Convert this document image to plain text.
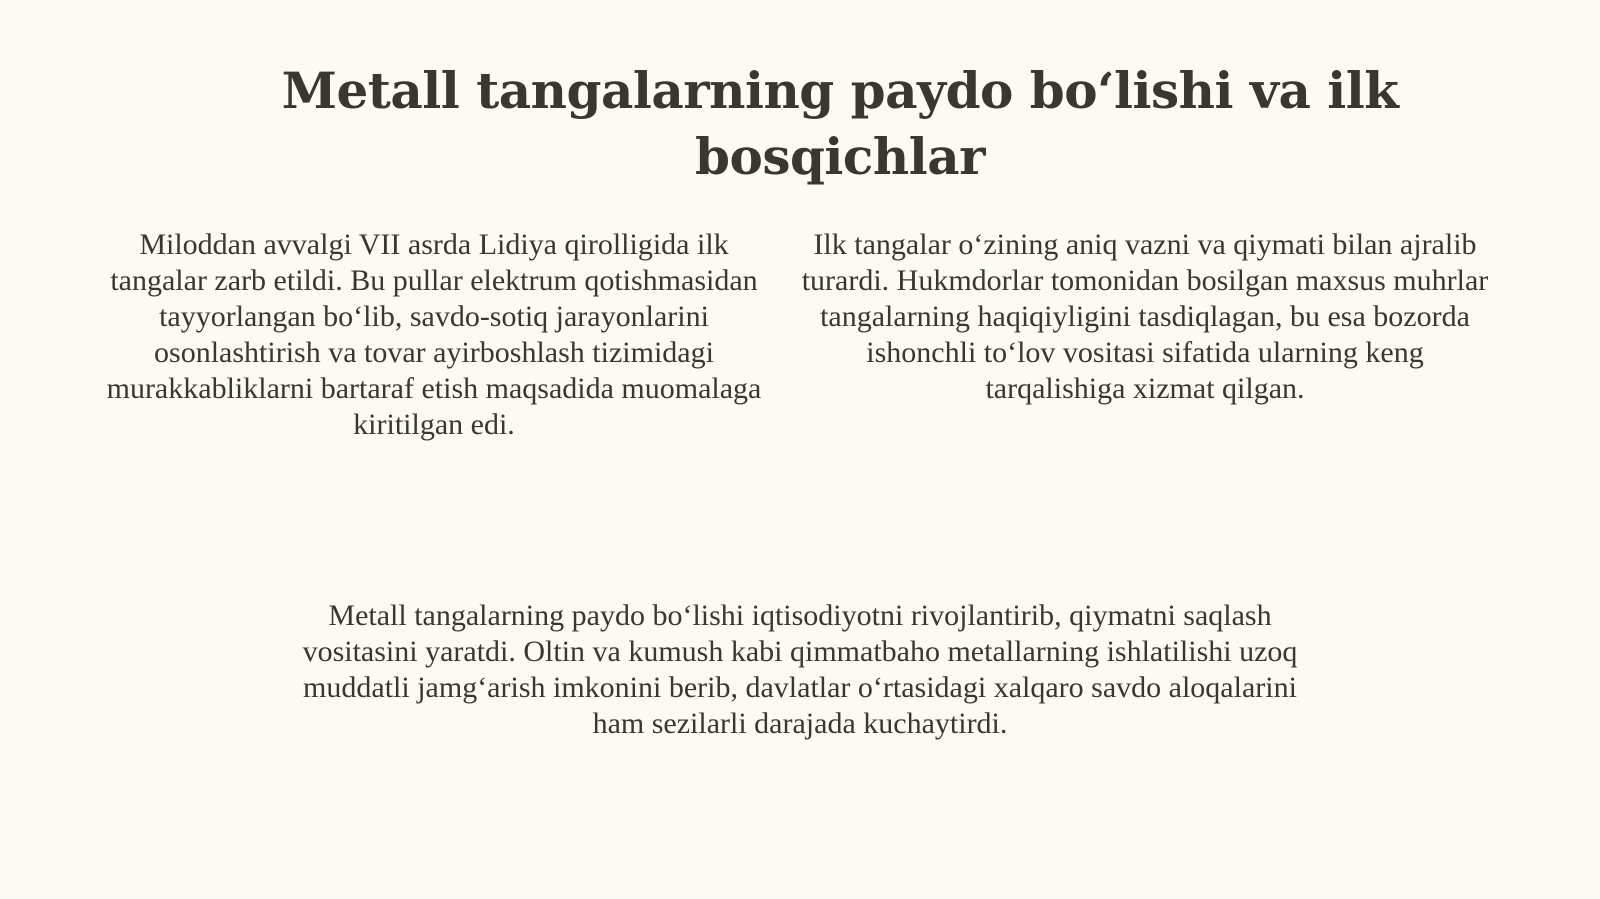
Metall tangalarning paydo bo‘lishi va ilk bosqichlar

Miloddan avvalgi VII asrda Lidiya qirolligida ilk tangalar zarb etildi. Bu pullar elektrum qotishmasidan tayyorlangan bo‘lib, savdo-sotiq jarayonlarini osonlashtirish va tovar ayirboshlash tizimidagi murakkabliklarni bartaraf etish maqsadida muomalaga kiritilgan edi.

Ilk tangalar o‘zining aniq vazni va qiymati bilan ajralib turardi. Hukmdorlar tomonidan bosilgan maxsus muhrlar tangalarning haqiqiyligini tasdiqlagan, bu esa bozorda ishonchli to‘lov vositasi sifatida ularning keng tarqalishiga xizmat qilgan.

Metall tangalarning paydo bo‘lishi iqtisodiyotni rivojlantirib, qiymatni saqlash vositasini yaratdi. Oltin va kumush kabi qimmatbaho metallarning ishlatilishi uzoq muddatli jamg‘arish imkonini berib, davlatlar o‘rtasidagi xalqaro savdo aloqalarini ham sezilarli darajada kuchaytirdi.
